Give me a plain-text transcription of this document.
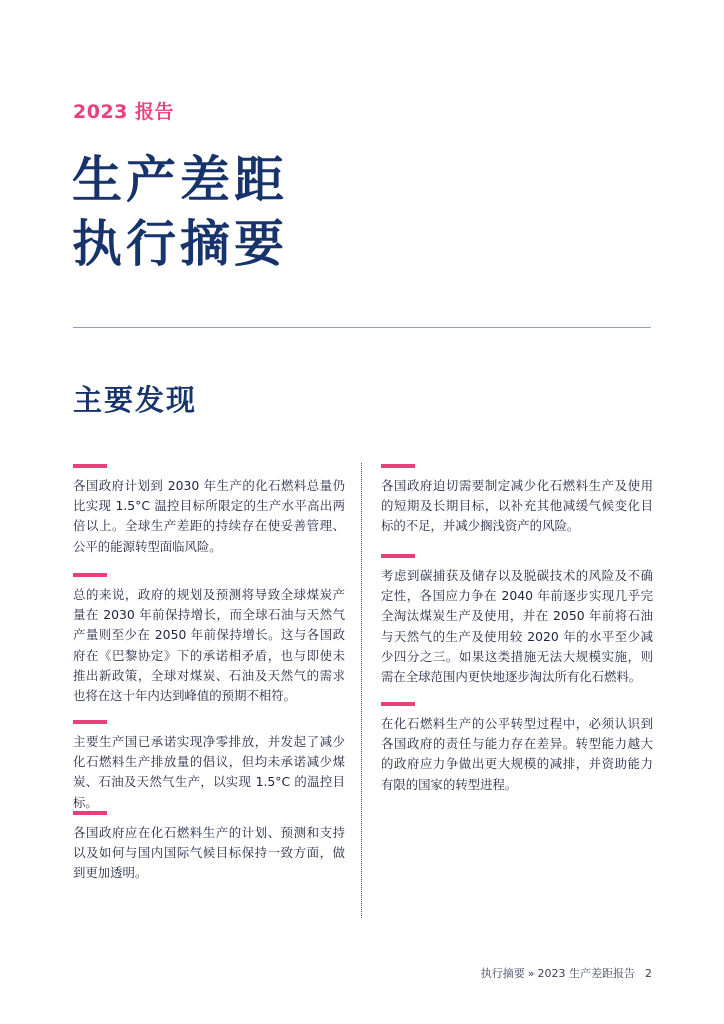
2023 报告
生产差距
执行摘要
主要发现

各国政府计划到 2030 年生产的化石燃料总量仍比实现 1.5°C 温控目标所限定的生产水平高出两倍以上。全球生产差距的持续存在使妥善管理、公平的能源转型面临风险。

总的来说，政府的规划及预测将导致全球煤炭产量在 2030 年前保持增长，而全球石油与天然气产量则至少在 2050 年前保持增长。这与各国政府在《巴黎协定》下的承诺相矛盾，也与即使未推出新政策，全球对煤炭、石油及天然气的需求也将在这十年内达到峰值的预期不相符。

主要生产国已承诺实现净零排放，并发起了减少化石燃料生产排放量的倡议，但均未承诺减少煤炭、石油及天然气生产，以实现 1.5°C 的温控目标。

各国政府应在化石燃料生产的计划、预测和支持以及如何与国内国际气候目标保持一致方面，做到更加透明。

各国政府迫切需要制定减少化石燃料生产及使用的短期及长期目标，以补充其他减缓气候变化目标的不足，并减少搁浅资产的风险。

考虑到碳捕获及储存以及脱碳技术的风险及不确定性，各国应力争在 2040 年前逐步实现几乎完全淘汰煤炭生产及使用，并在 2050 年前将石油与天然气的生产及使用较 2020 年的水平至少减少四分之三。如果这类措施无法大规模实施，则需在全球范围内更快地逐步淘汰所有化石燃料。

在化石燃料生产的公平转型过程中，必须认识到各国政府的责任与能力存在差异。转型能力越大的政府应力争做出更大规模的减排，并资助能力有限的国家的转型进程。

执行摘要 » 2023 生产差距报告 2
